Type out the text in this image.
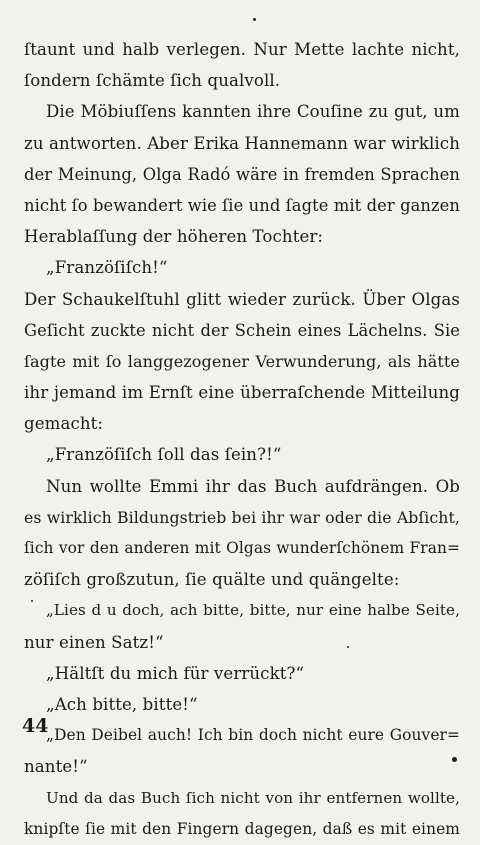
ſtaunt und halb verlegen. Nur Mette lachte nicht,
ſondern ſchämte ſich qualvoll.
Die Möbiuſſens kannten ihre Couſine zu gut, um
zu antworten. Aber Erika Hannemann war wirklich
der Meinung, Olga Radó wäre in fremden Sprachen
nicht ſo bewandert wie ſie und ſagte mit der ganzen
Herablaſſung der höheren Tochter:
„Franzöſiſch!“
Der Schaukelſtuhl glitt wieder zurück. Über Olgas
Geſicht zuckte nicht der Schein eines Lächelns. Sie
ſagte mit ſo langgezogener Verwunderung, als hätte
ihr jemand im Ernſt eine überraſchende Mitteilung
gemacht:
„Franzöſiſch ſoll das ſein?!“
Nun wollte Emmi ihr das Buch aufdrängen. Ob
es wirklich Bildungstrieb bei ihr war oder die Abſicht,
ſich vor den anderen mit Olgas wunderſchönem Fran=
zöſiſch großzutun, ſie quälte und quängelte:
„Lies d u doch, ach bitte, bitte, nur eine halbe Seite,
nur einen Satz!“
„Hältſt du mich für verrückt?“
„Ach bitte, bitte!“
„Den Deibel auch! Ich bin doch nicht eure Gouver=
nante!“
Und da das Buch ſich nicht von ihr entfernen wollte,
knipſte ſie mit den Fingern dagegen, daß es mit einem
44
